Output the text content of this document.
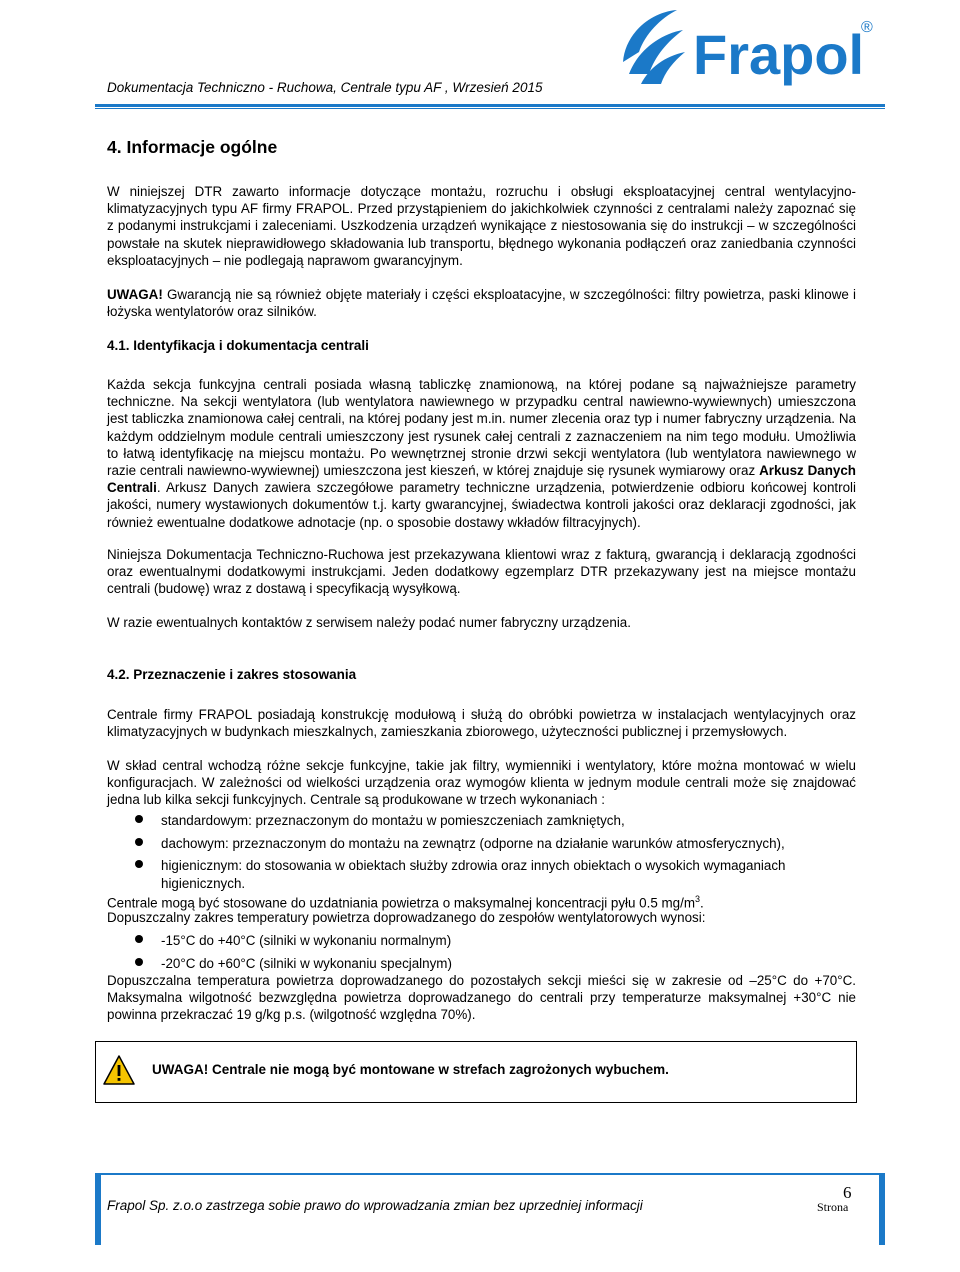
Dokumentacja Techniczno - Ruchowa, Centrale typu AF , Wrzesień 2015
Frapol
®
4. Informacje ogólne

W niniejszej DTR zawarto informacje dotyczące montażu, rozruchu i obsługi eksploatacyjnej central wentylacyjno-klimatyzacyjnych typu AF firmy FRAPOL. Przed przystąpieniem do jakichkolwiek czynności z centralami należy zapoznać się z podanymi instrukcjami i zaleceniami. Uszkodzenia urządzeń wynikające z niestosowania się do instrukcji – w szczególności powstałe na skutek nieprawidłowego składowania lub transportu, błędnego wykonania podłączeń oraz zaniedbania czynności eksploatacyjnych – nie podlegają naprawom gwarancyjnym.

UWAGA! Gwarancją nie są również objęte materiały i części eksploatacyjne, w szczególności: filtry powietrza, paski klinowe i łożyska wentylatorów oraz silników.

4.1. Identyfikacja i dokumentacja centrali

Każda sekcja funkcyjna centrali posiada własną tabliczkę znamionową, na której podane są najważniejsze parametry techniczne. Na sekcji wentylatora (lub wentylatora nawiewnego w przypadku central nawiewno-wywiewnych) umieszczona jest tabliczka znamionowa całej centrali, na której podany jest m.in. numer zlecenia oraz typ i numer fabryczny urządzenia. Na każdym oddzielnym module centrali umieszczony jest rysunek całej centrali z zaznaczeniem na nim tego modułu. Umożliwia to łatwą identyfikację na miejscu montażu. Po wewnętrznej stronie drzwi sekcji wentylatora (lub wentylatora nawiewnego w razie centrali nawiewno-wywiewnej) umieszczona jest kieszeń, w której znajduje się rysunek wymiarowy oraz Arkusz Danych Centrali. Arkusz Danych zawiera szczegółowe parametry techniczne urządzenia, potwierdzenie odbioru końcowej kontroli jakości, numery wystawionych dokumentów t.j. karty gwarancyjnej, świadectwa kontroli jakości oraz deklaracji zgodności, jak również ewentualne dodatkowe adnotacje (np. o sposobie dostawy wkładów filtracyjnych).

Niniejsza Dokumentacja Techniczno-Ruchowa jest przekazywana klientowi wraz z fakturą, gwarancją i deklaracją zgodności oraz ewentualnymi dodatkowymi instrukcjami. Jeden dodatkowy egzemplarz DTR przekazywany jest na miejsce montażu centrali (budowę) wraz z dostawą i specyfikacją wysyłkową.

W razie ewentualnych kontaktów z serwisem należy podać numer fabryczny urządzenia.

4.2. Przeznaczenie i zakres stosowania

Centrale firmy FRAPOL posiadają konstrukcję modułową i służą do obróbki powietrza w instalacjach wentylacyjnych oraz klimatyzacyjnych w budynkach mieszkalnych, zamieszkania zbiorowego, użyteczności publicznej i przemysłowych.

W skład central wchodzą różne sekcje funkcyjne, takie jak filtry, wymienniki i wentylatory, które można montować w wielu konfiguracjach. W zależności od wielkości urządzenia oraz wymogów klienta w jednym module centrali może się znajdować jedna lub kilka sekcji funkcyjnych. Centrale są produkowane w trzech wykonaniach :

standardowym: przeznaczonym do montażu w pomieszczeniach zamkniętych,
dachowym: przeznaczonym do montażu na zewnątrz (odporne na działanie warunków atmosferycznych),
higienicznym: do stosowania w obiektach służby zdrowia oraz innych obiektach o wysokich wymaganiach
higienicznych.

Centrale mogą być stosowane do uzdatniania powietrza o maksymalnej koncentracji pyłu 0.5 $mg/m^3$.

Dopuszczalny zakres temperatury powietrza doprowadzanego do zespołów wentylatorowych wynosi:

-15°C do +40°C (silniki w wykonaniu normalnym)
-20°C do +60°C (silniki w wykonaniu specjalnym)

Dopuszczalna temperatura powietrza doprowadzanego do pozostałych sekcji mieści się w zakresie od –25°C do +70°C. Maksymalna wilgotność bezwzględna powietrza doprowadzanego do centrali przy temperaturze maksymalnej +30°C nie powinna przekraczać 19 g/kg p.s. (wilgotność względna 70%).

UWAGA! Centrale nie mogą być montowane w strefach zagrożonych wybuchem.
Frapol Sp. z.o.o zastrzega sobie prawo do wprowadzania zmian bez uprzedniej informacji
6
Strona
